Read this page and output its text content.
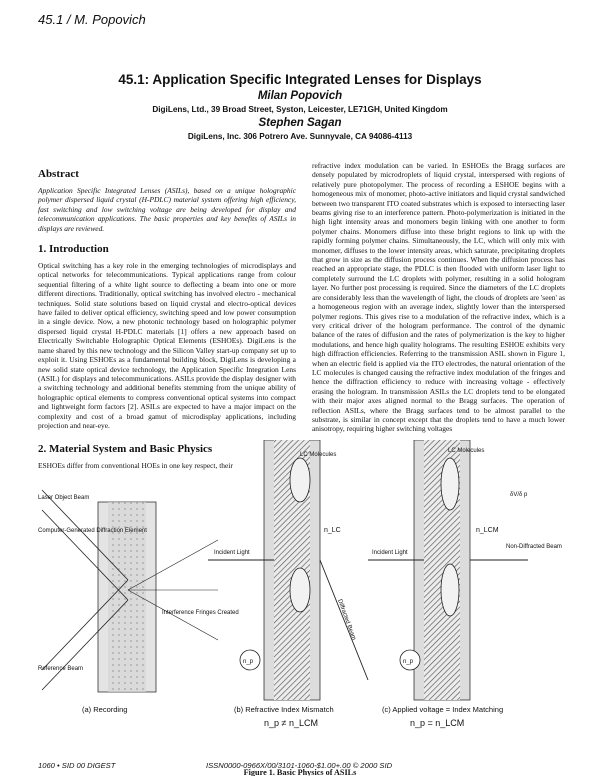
45.1 / M. Popovich
45.1: Application Specific Integrated Lenses for Displays
Milan Popovich
DigiLens, Ltd., 39 Broad Street, Syston, Leicester, LE71GH, United Kingdom
Stephen Sagan
DigiLens, Inc. 306 Potrero Ave. Sunnyvale, CA 94086-4113
Abstract

Application Specific Integrated Lenses (ASILs), based on a unique holographic polymer dispersed liquid crystal (H-PDLC) material system offering high efficiency, fast switching and low switching voltage are being developed for display and telecommunication applications. The basic properties and key benefits of ASILs in displays are reviewed.

1. Introduction

Optical switching has a key role in the emerging technologies of microdisplays and optical networks for telecommunications. Typical applications range from colour sequential filtering of a white light source to deflecting a beam into one or more different directions. Traditionally, optical switching has involved electro - mechanical techniques. Solid state solutions based on liquid crystal and electro-optical devices have failed to deliver optical efficiency, switching speed and low power consumption in a single device. Now, a new photonic technology based on holographic polymer dispersed liquid crystal H-PDLC materials [1] offers a new approach based on Electrically Switchable Holographic Optical Elements (ESHOEs). DigiLens is the name shared by this new technology and the Silicon Valley start-up company set up to exploit it. Using ESHOEs as a fundamental building block, DigiLens is developing a new solid state optical device technology, the Application Specific Integration Lens (ASIL) for displays and telecommunications. ASILs provide the display designer with a switching technology and additional benefits stemming from the unique ability of holographic optical elements to compress conventional optical systems into compact and lightweight form factors [2]. ASILs are expected to have a major impact on the complexity and cost of a broad gamut of microdisplay applications, including projection and near-eye.

2. Material System and Basic Physics

ESHOEs differ from conventional HOEs in one key respect, their

refractive index modulation can be varied. In ESHOEs the Bragg surfaces are densely populated by microdroplets of liquid crystal, interspersed with regions of relatively pure photopolymer. The process of recording a ESHOE begins with a homogeneous mix of monomer, photo-active initiators and liquid crystal sandwiched between two transparent ITO coated substrates which is exposed to intersecting laser beams giving rise to an interference pattern. Photo-polymerization is initiated in the high light intensity areas and monomers begin linking with one another to form polymer chains. Monomers diffuse into these bright regions to link up with the rapidly forming polymer chains. Simultaneously, the LC, which will only mix with monomer, diffuses to the lower intensity areas, which saturate, precipitating droplets that grow in size as the diffusion process continues. When the diffusion process has reached an appropriate stage, the PDLC is then flooded with uniform laser light to completely surround the LC droplets with polymer, resulting in a solid hologram layer. No further post processing is required. Since the diameters of the LC droplets are considerably less than the wavelength of light, the clouds of droplets are 'seen' as a homogeneous region with an average index, slightly lower than the interspersed polymer regions. This gives rise to a modulation of the refractive index, which is a very critical driver of the hologram performance. The control of the dynamic balance of the rates of diffusion and the rates of polymerization is the key to higher modulations, and hence high quality holograms. The resulting ESHOE exhibits very high diffraction efficiencies. Referring to the transmission ASIL shown in Figure 1, when an electric field is applied via the ITO electrodes, the natural orientation of the LC molecules is changed causing the refractive index modulation of the fringes and hence the diffraction efficiency to reduce with increasing voltage - effectively erasing the hologram. In transmission ASILs the LC droplets tend to be elongated with their major axes aligned normal to the Bragg surfaces. The operation of reflection ASILs, where the Bragg surfaces tend to be almost parallel to the substrate, is similar in concept except that the droplets tend to have a much lower anisotropy, requiring higher switching voltages

Laser Object Beam
Computer-Generated Diffraction Element
Interference Fringes Created
Reference Beam
(a) Recording
LC Molecules
Incident Light
n_LC
n_p
Diffracted Beam
(b) Refractive Index Mismatch
n_p ≠ n_LCM
LC Molecules
δV/δ p
Incident Light
Non-Diffracted Beam
n_LCM
n_p
(c) Applied voltage = Index Matching
n_p = n_LCM
Figure 1. Basic Physics of ASILs
1060 • SID 00 DIGEST	ISSN0000-0966X/00/3101-1060-$1.00+.00 © 2000 SID
